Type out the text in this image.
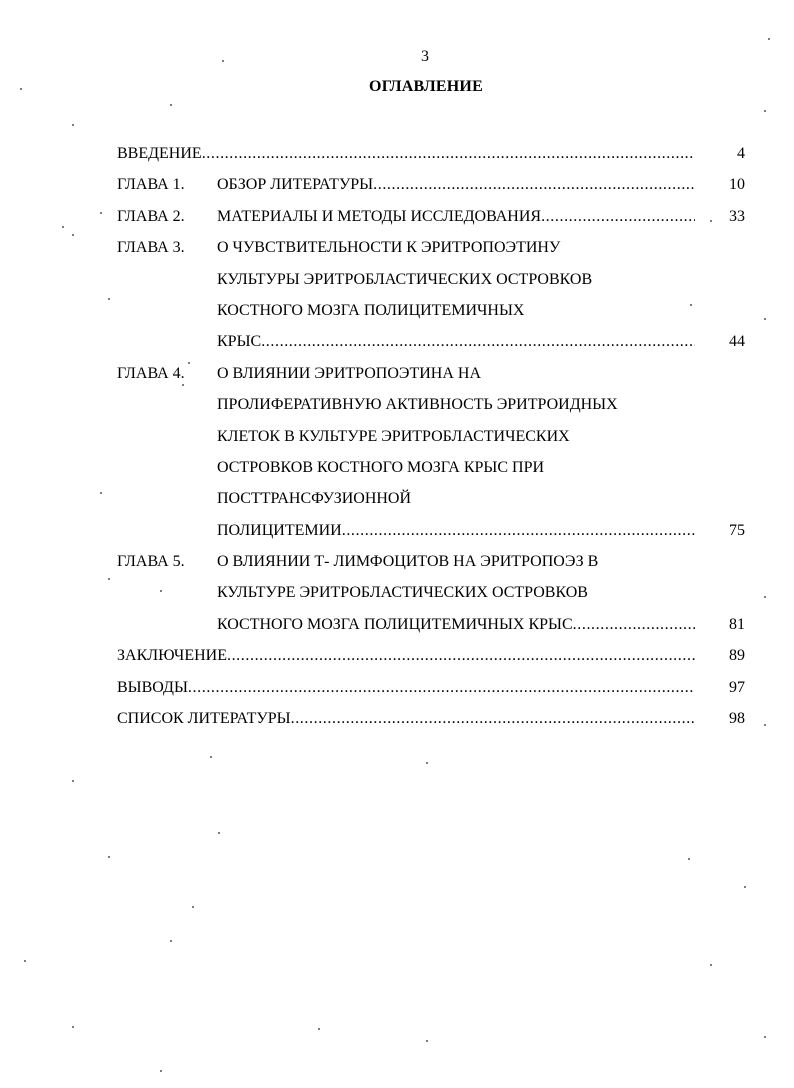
3
ОГЛАВЛЕНИЕ
ВВЕДЕНИЕ .....	4
ГЛАВА 1.	ОБЗОР ЛИТЕРАТУРЫ .....	10
ГЛАВА 2.	МАТЕРИАЛЫ И МЕТОДЫ ИССЛЕДОВАНИЯ .....	33
ГЛАВА 3.	О ЧУВСТВИТЕЛЬНОСТИ К ЭРИТРОПОЭТИНУ
КУЛЬТУРЫ ЭРИТРОБЛАСТИЧЕСКИХ ОСТРОВКОВ
КОСТНОГО МОЗГА ПОЛИЦИТЕМИЧНЫХ
КРЫС .....	44
ГЛАВА 4.	О ВЛИЯНИИ ЭРИТРОПОЭТИНА НА
ПРОЛИФЕРАТИВНУЮ АКТИВНОСТЬ ЭРИТРОИДНЫХ
КЛЕТОК В КУЛЬТУРЕ ЭРИТРОБЛАСТИЧЕСКИХ
ОСТРОВКОВ КОСТНОГО МОЗГА КРЫС ПРИ
ПОСТТРАНСФУЗИОННОЙ
ПОЛИЦИТЕМИИ .....	75
ГЛАВА 5.	О ВЛИЯНИИ Т- ЛИМФОЦИТОВ НА ЭРИТРОПОЭЗ В
КУЛЬТУРЕ ЭРИТРОБЛАСТИЧЕСКИХ ОСТРОВКОВ
КОСТНОГО МОЗГА ПОЛИЦИТЕМИЧНЫХ КРЫС .....	81
ЗАКЛЮЧЕНИЕ .....	89
ВЫВОДЫ .....	97
СПИСОК ЛИТЕРАТУРЫ .....	98
